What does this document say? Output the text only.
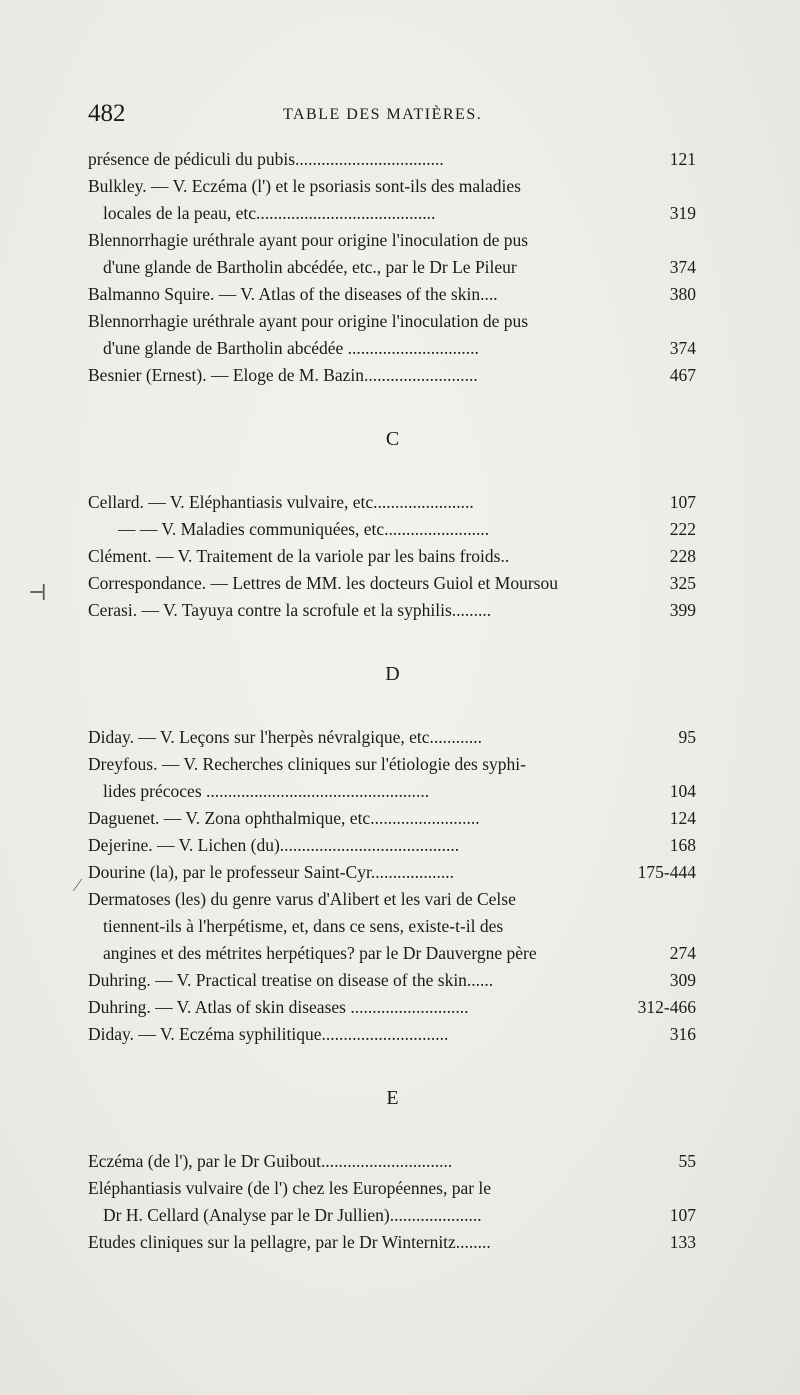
482	TABLE DES MATIÈRES.
présence de pédiculi du pubis..................................	121
Bulkley. — V. Eczéma (l') et le psoriasis sont-ils des maladies
locales de la peau, etc.........................................	319
Blennorrhagie uréthrale ayant pour origine l'inoculation de pus
d'une glande de Bartholin abcédée, etc., par le Dr Le Pileur	374
Balmanno Squire. — V. Atlas of the diseases of the skin....	380
Blennorrhagie uréthrale ayant pour origine l'inoculation de pus
d'une glande de Bartholin abcédée ..............................	374
Besnier (Ernest). — Eloge de M. Bazin..........................	467
C
Cellard. — V. Eléphantiasis vulvaire, etc.......................	107
— — V. Maladies communiquées, etc........................	222
Clément. — V. Traitement de la variole par les bains froids..	228
Correspondance. — Lettres de MM. les docteurs Guiol et Moursou	325
Cerasi. — V. Tayuya contre la scrofule et la syphilis.........	399
D
Diday. — V. Leçons sur l'herpès névralgique, etc............	95
Dreyfous. — V. Recherches cliniques sur l'étiologie des syphi-
lides précoces ...................................................	104
Daguenet. — V. Zona ophthalmique, etc.........................	124
Dejerine. — V. Lichen (du).........................................	168
Dourine (la), par le professeur Saint-Cyr...................	175-444
Dermatoses (les) du genre varus d'Alibert et les vari de Celse
tiennent-ils à l'herpétisme, et, dans ce sens, existe-t-il des
angines et des métrites herpétiques? par le Dr Dauvergne père	274
Duhring. — V. Practical treatise on disease of the skin......	309
Duhring. — V. Atlas of skin diseases ...........................	312-466
Diday. — V. Eczéma syphilitique.............................	316
E
Eczéma (de l'), par le Dr Guibout..............................	55
Eléphantiasis vulvaire (de l') chez les Européennes, par le
Dr H. Cellard (Analyse par le Dr Jullien).....................	107
Etudes cliniques sur la pellagre, par le Dr Winternitz........	133
⊣
⁄
